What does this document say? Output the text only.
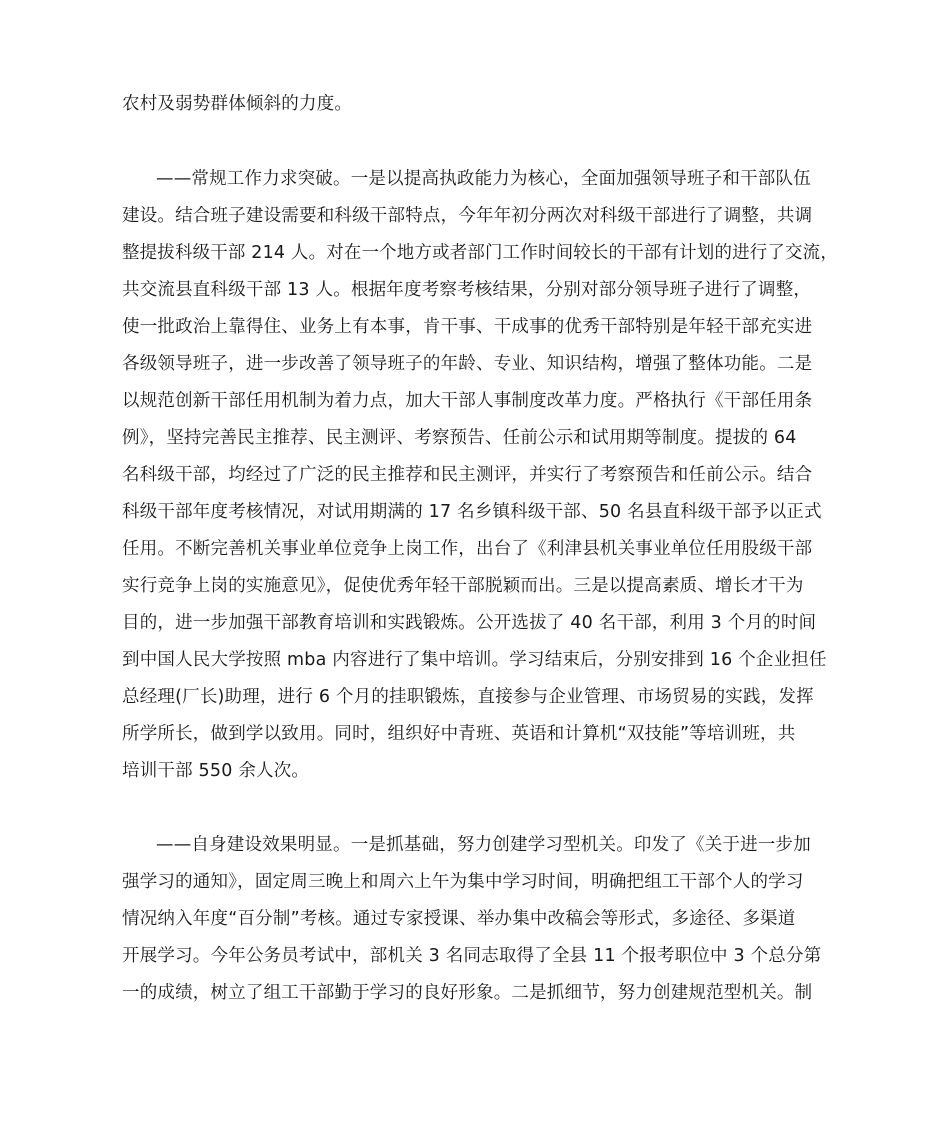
农村及弱势群体倾斜的力度。
——常规工作力求突破。一是以提高执政能力为核心，全面加强领导班子和干部队伍
建设。结合班子建设需要和科级干部特点，今年年初分两次对科级干部进行了调整，共调
整提拔科级干部 214 人。对在一个地方或者部门工作时间较长的干部有计划的进行了交流，
共交流县直科级干部 13 人。根据年度考察考核结果，分别对部分领导班子进行了调整，
使一批政治上靠得住、业务上有本事，肯干事、干成事的优秀干部特别是年轻干部充实进
各级领导班子，进一步改善了领导班子的年龄、专业、知识结构，增强了整体功能。二是
以规范创新干部任用机制为着力点，加大干部人事制度改革力度。严格执行《干部任用条
例》，坚持完善民主推荐、民主测评、考察预告、任前公示和试用期等制度。提拔的 64
名科级干部，均经过了广泛的民主推荐和民主测评，并实行了考察预告和任前公示。结合
科级干部年度考核情况，对试用期满的 17 名乡镇科级干部、50 名县直科级干部予以正式
任用。不断完善机关事业单位竞争上岗工作，出台了《利津县机关事业单位任用股级干部
实行竞争上岗的实施意见》，促使优秀年轻干部脱颖而出。三是以提高素质、增长才干为
目的，进一步加强干部教育培训和实践锻炼。公开选拔了 40 名干部，利用 3 个月的时间
到中国人民大学按照 mba 内容进行了集中培训。学习结束后，分别安排到 16 个企业担任
总经理(厂长)助理，进行 6 个月的挂职锻炼，直接参与企业管理、市场贸易的实践，发挥
所学所长，做到学以致用。同时，组织好中青班、英语和计算机“双技能”等培训班，共
培训干部 550 余人次。
——自身建设效果明显。一是抓基础，努力创建学习型机关。印发了《关于进一步加
强学习的通知》，固定周三晚上和周六上午为集中学习时间，明确把组工干部个人的学习
情况纳入年度“百分制”考核。通过专家授课、举办集中改稿会等形式，多途径、多渠道
开展学习。今年公务员考试中，部机关 3 名同志取得了全县 11 个报考职位中 3 个总分第
一的成绩，树立了组工干部勤于学习的良好形象。二是抓细节，努力创建规范型机关。制
